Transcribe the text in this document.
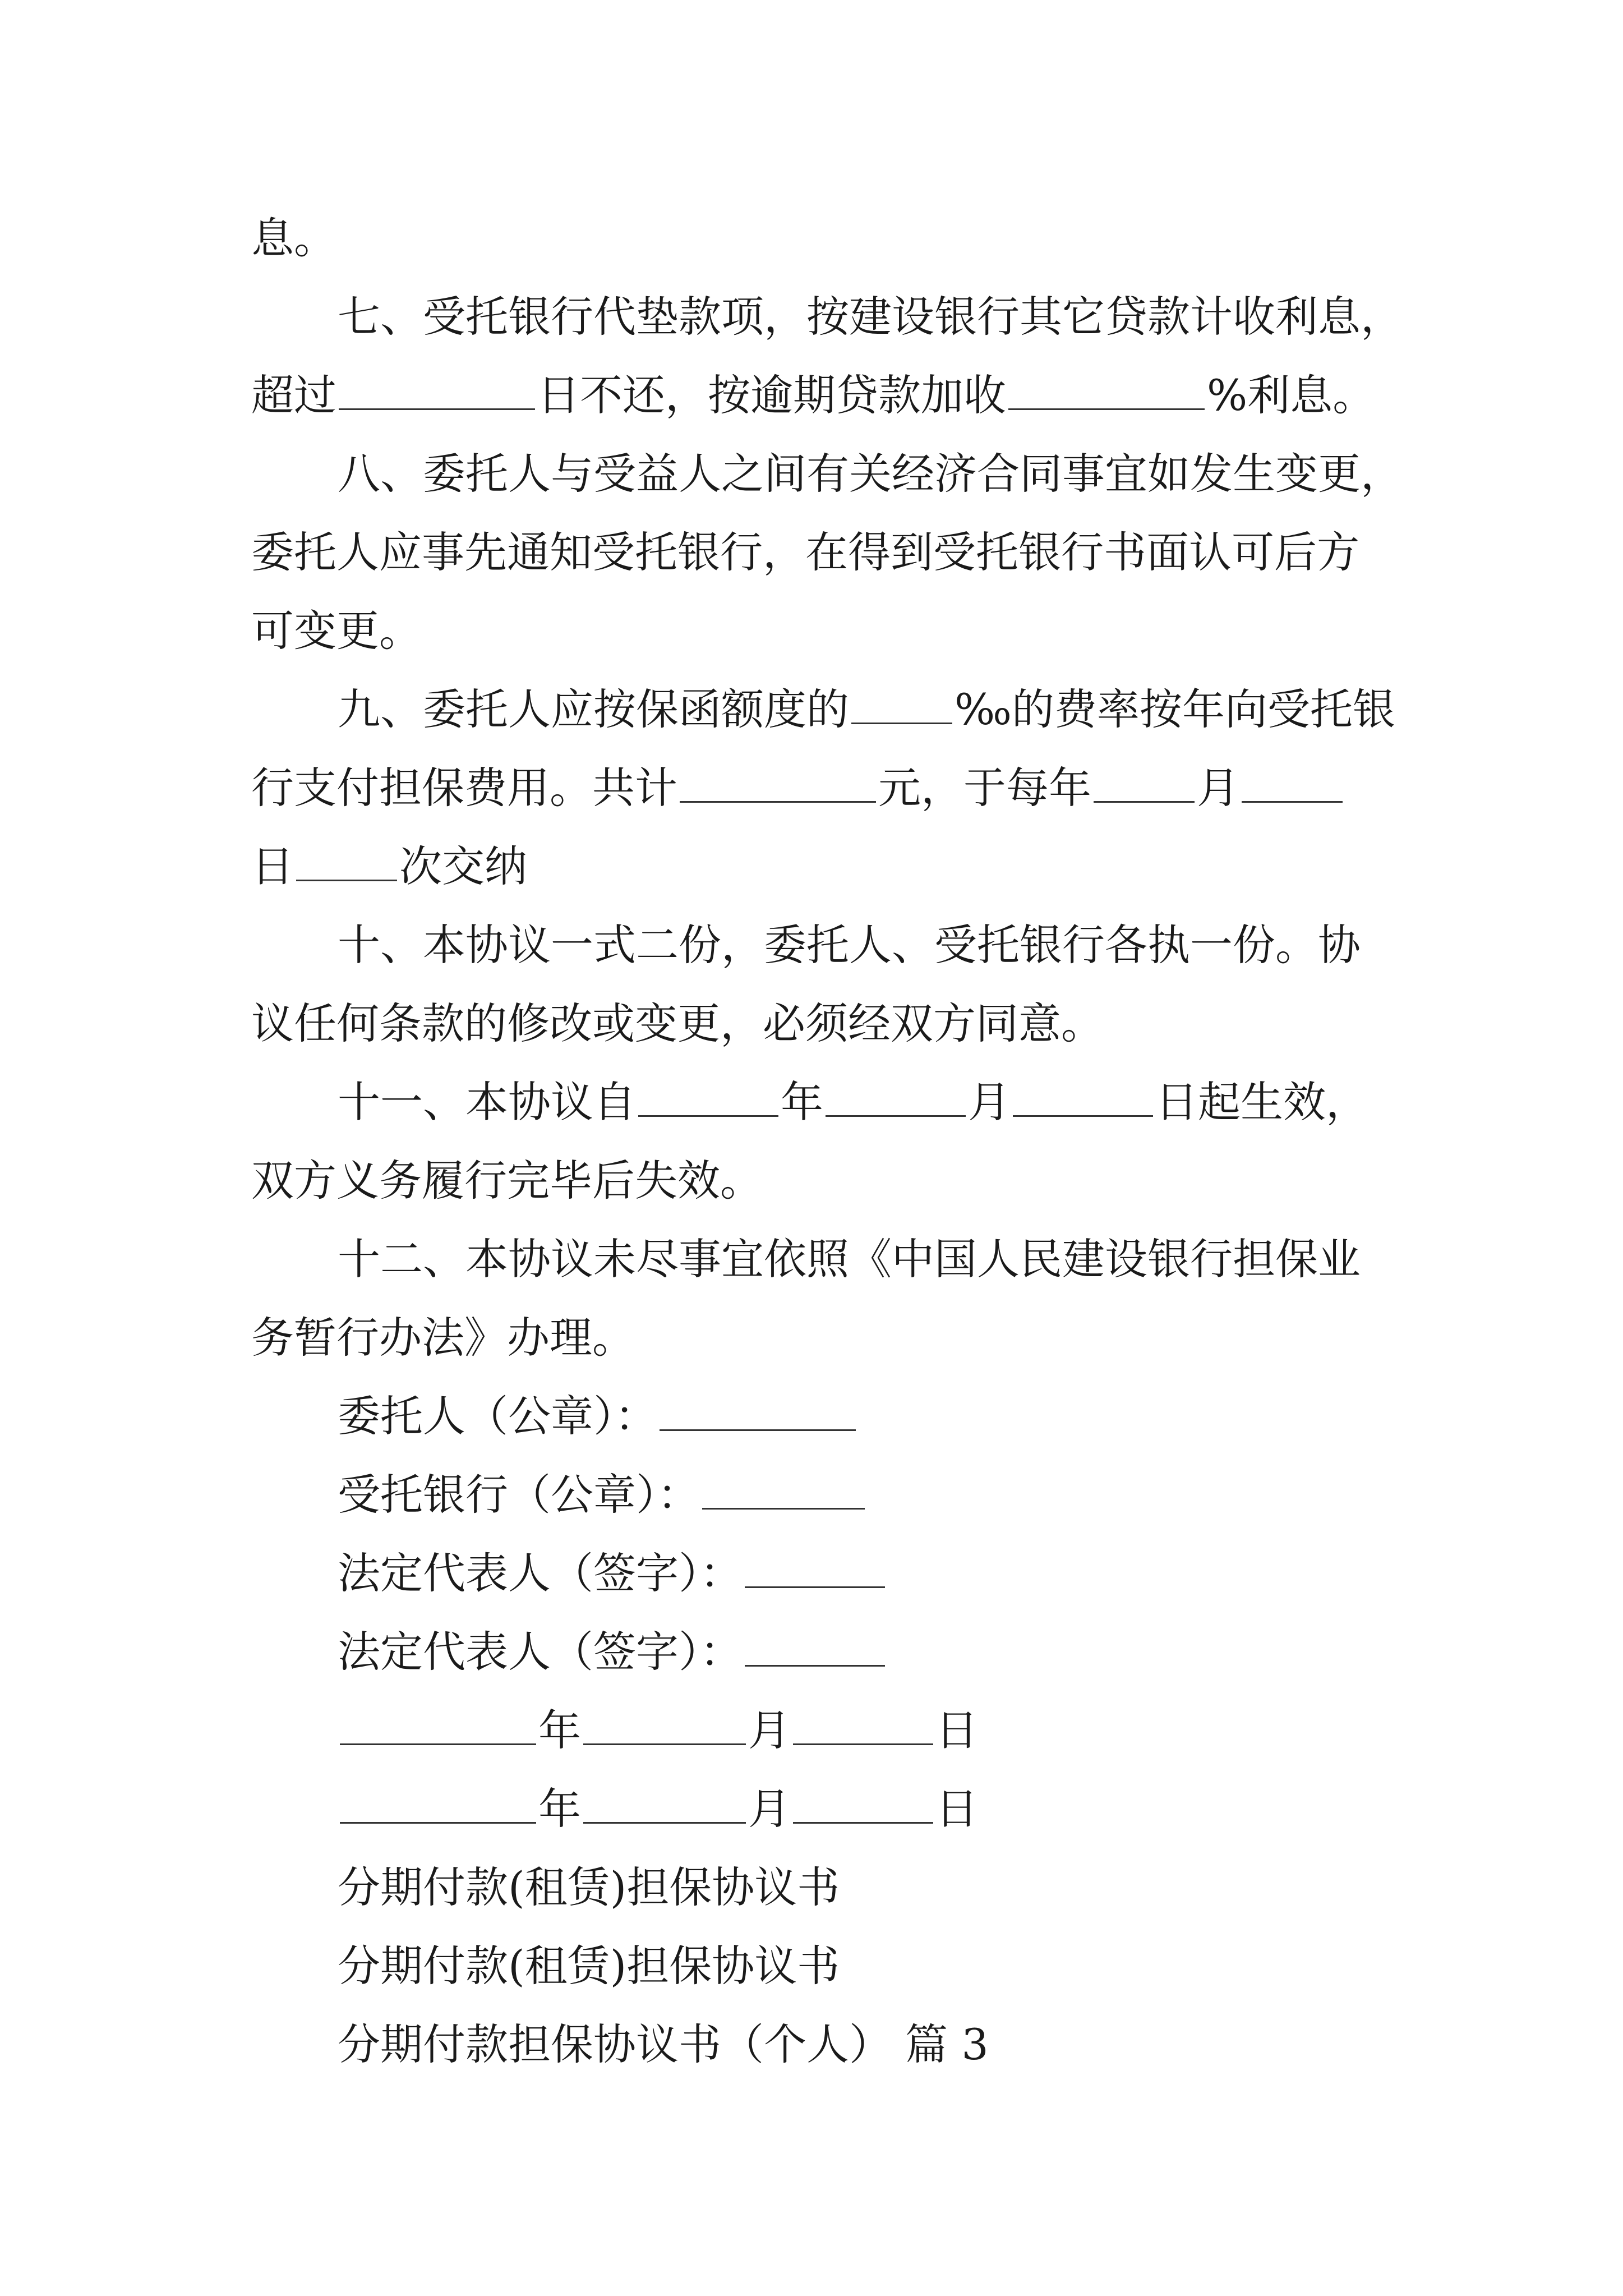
息。
七、受托银行代垫款项，按建设银行其它贷款计收利息，
超过	日不还，按逾期贷款加收	%利息。
八、委托人与受益人之间有关经济合同事宜如发生变更，
委托人应事先通知受托银行，在得到受托银行书面认可后方
可变更。
九、委托人应按保函额度的 ‰的费率按年向受托银
行支付担保费用。共计	元，于每年 月
日 次交纳
十、本协议一式二份，委托人、受托银行各执一份。协
议任何条款的修改或变更，必须经双方同意。
十一、本协议自	年	月	日起生效，
双方义务履行完毕后失效。
十二、本协议未尽事宜依照《中国人民建设银行担保业
务暂行办法》办理。
委托人（公章）：
受托银行（公章）：
法定代表人（签字）：
法定代表人（签字）：
年	月	日
年	月	日
分期付款(租赁)担保协议书
分期付款(租赁)担保协议书
分期付款担保协议书（个人） 篇 3
